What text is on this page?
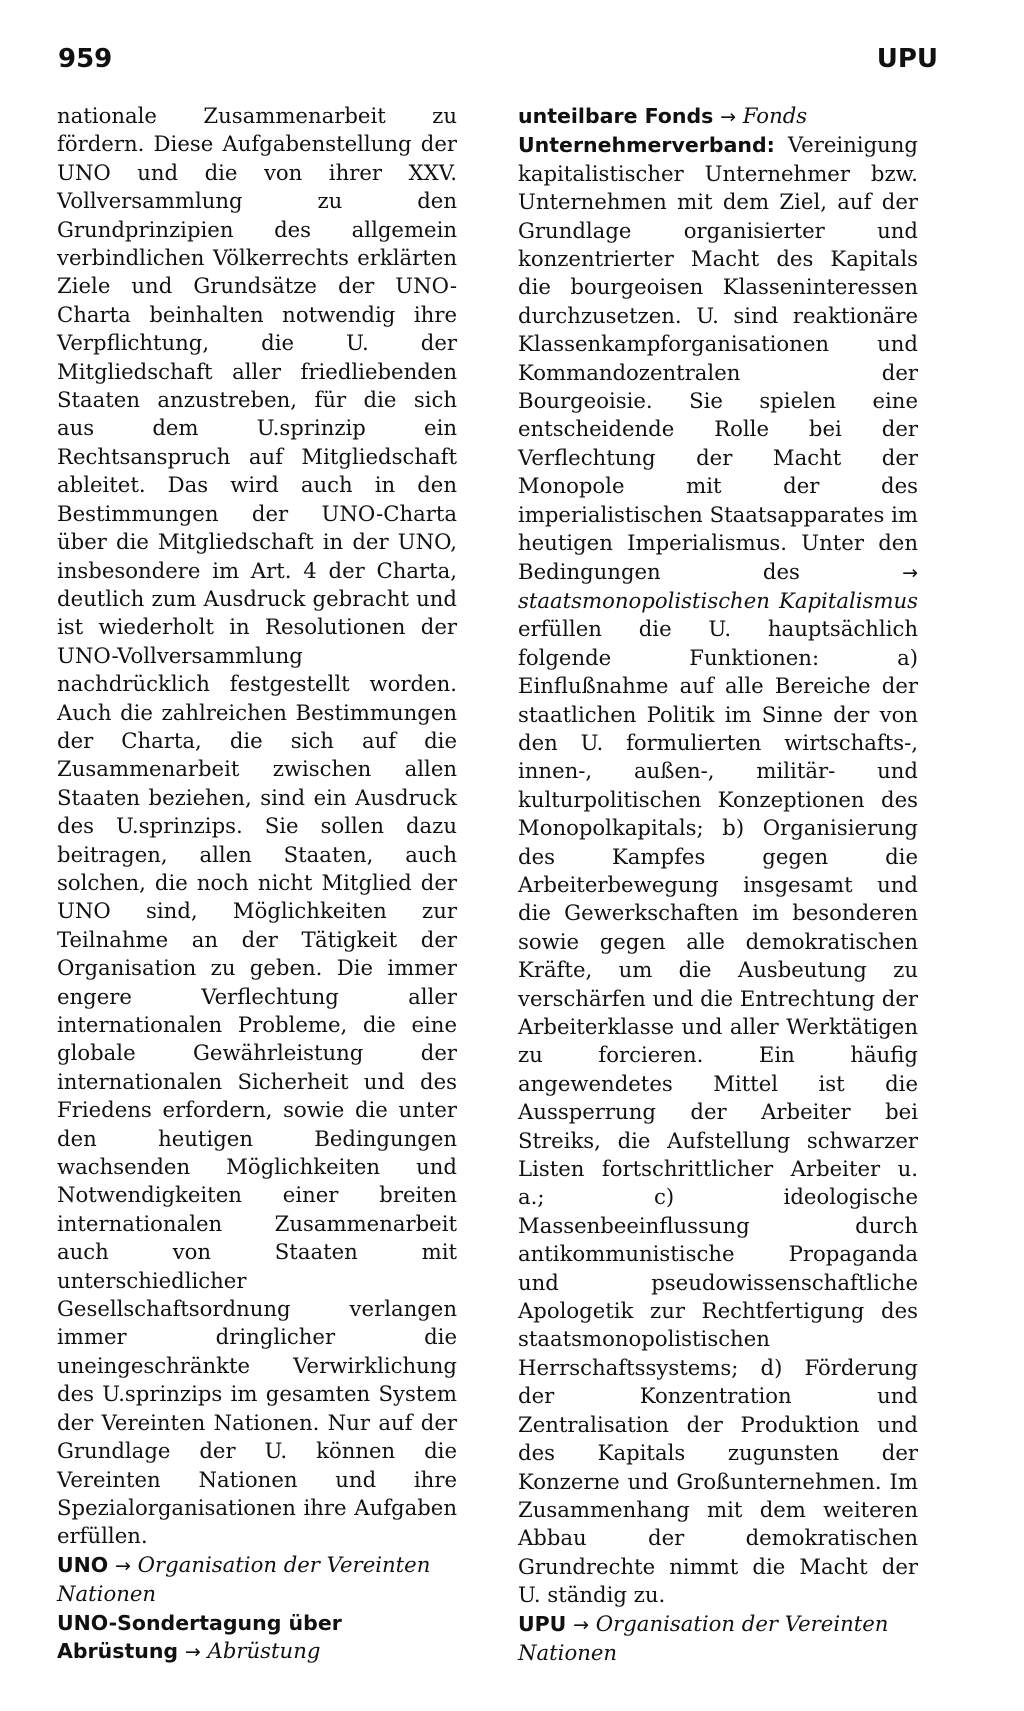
959	UPU

nationale Zusammenarbeit zu fördern. Diese Aufgabenstellung der UNO und die von ihrer XXV. Vollversammlung zu den Grundprinzipien des allgemein verbindlichen Völkerrechts erklärten Ziele und Grundsätze der UNO-Charta beinhalten notwendig ihre Verpflichtung, die U. der Mitgliedschaft aller friedliebenden Staaten anzustreben, für die sich aus dem U.sprinzip ein Rechtsanspruch auf Mitgliedschaft ableitet. Das wird auch in den Bestimmungen der UNO-Charta über die Mitgliedschaft in der UNO, insbesondere im Art. 4 der Charta, deutlich zum Ausdruck gebracht und ist wiederholt in Resolutionen der UNO-Vollversammlung nachdrücklich festgestellt worden. Auch die zahlreichen Bestimmungen der Charta, die sich auf die Zusammenarbeit zwischen allen Staaten beziehen, sind ein Ausdruck des U.sprinzips. Sie sollen dazu beitragen, allen Staaten, auch solchen, die noch nicht Mitglied der UNO sind, Möglichkeiten zur Teilnahme an der Tätigkeit der Organisation zu geben. Die immer engere Verflechtung aller internationalen Probleme, die eine globale Gewährleistung der internationalen Sicherheit und des Friedens erfordern, sowie die unter den heutigen Bedingungen wachsenden Möglichkeiten und Notwendigkeiten einer breiten internationalen Zusammenarbeit auch von Staaten mit unterschiedlicher Gesellschaftsordnung verlangen immer dringlicher die uneingeschränkte Verwirklichung des U.sprinzips im gesamten System der Vereinten Nationen. Nur auf der Grundlage der U. können die Vereinten Nationen und ihre Spezialorganisationen ihre Aufgaben erfüllen.

UNO → Organisation der Vereinten Nationen

UNO-Sondertagung über Abrüstung → Abrüstung

unteilbare Fonds → Fonds

Unternehmerverband: Vereinigung kapitalistischer Unternehmer bzw. Unternehmen mit dem Ziel, auf der Grundlage organisierter und konzentrierter Macht des Kapitals die bourgeoisen Klasseninteressen durchzusetzen. U. sind reaktionäre Klassenkampforganisationen und Kommandozentralen der Bourgeoisie. Sie spielen eine entscheidende Rolle bei der Verflechtung der Macht der Monopole mit der des imperialistischen Staatsapparates im heutigen Imperialismus. Unter den Bedingungen des	→ staatsmonopolistischen Kapitalismus erfüllen die U. hauptsächlich folgende Funktionen: a) Einflußnahme auf alle Bereiche der staatlichen Politik im Sinne der von den U. formulierten wirtschafts-, innen-, außen-, militär- und kulturpolitischen Konzeptionen des Monopolkapitals; b) Organisierung des Kampfes gegen die Arbeiterbewegung insgesamt und die Gewerkschaften im besonderen sowie gegen alle demokratischen Kräfte, um die Ausbeutung zu verschärfen und die Entrechtung der Arbeiterklasse und aller Werktätigen zu forcieren. Ein häufig angewendetes Mittel ist die Aussperrung der Arbeiter bei Streiks, die Aufstellung schwarzer Listen fortschrittlicher Arbeiter u. a.; c) ideologische Massenbeeinflussung durch antikommunistische Propaganda und pseudowissenschaftliche Apologetik zur Rechtfertigung des staatsmonopolistischen Herrschaftssystems; d) Förderung der Konzentration und Zentralisation der Produktion und des Kapitals zugunsten der Konzerne und Großunternehmen. Im Zusammenhang mit dem weiteren Abbau der demokratischen Grundrechte nimmt die Macht der U. ständig zu.

UPU → Organisation der Vereinten Nationen
